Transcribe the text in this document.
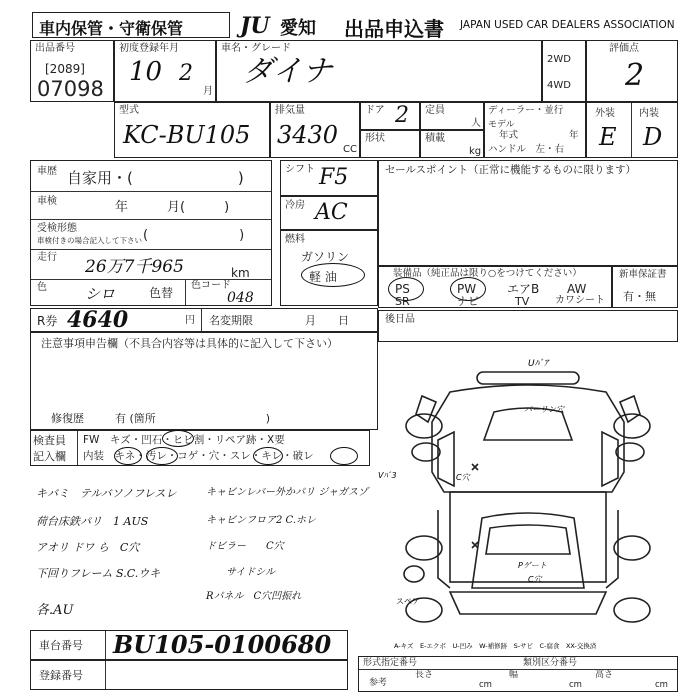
車内保管・守衛保管	JU 愛知 出品申込書 JAPAN USED CAR DEALERS ASSOCIATION
出品番号
[2089]
07098
初度登録年月
10 2
月
車名・グレード
ダイナ	2WD
4WD
評価点
2
型式
KC-BU105
排気量
3430
CC
ドア 2
形状
定員
人
積載
kg
ディーラー・並行
モデル
年式	年
ハンドル　左・右
外装 内装
E D
車歴 自家用・(　　　　　　　)
車検	年　　　月(　　　)
受検形態
車検付きの場合記入して下さい (　　　　　　　)
走行 26万7千965	km
色	シロ	色替
色コード
048
R券 4640	円 名変期限	月　　日
注意事項申告欄（不具合内容等は具体的に記入して下さい）
修復歴	有 (箇所　　　　　　　　　　)
検査員
記入欄
FW　キズ・凹石・ヒビ割・リペア跡・X要
内装　キネ・汚レ・コゲ・穴・スレ・キレ・破レ
キバミ　テルバソノフレスレ
荷台床鉄パリ　1 AUS
アオリ ドワ ら　C穴
下回りフレーム S.C.ウキ
キャビンレバー外かパリ ジャガスゾ
キャビンフロア2 C.ホレ
ドビラー　　C穴
サイドシル
Rパネル　C穴凹振れ
各.AU
車台番号 BU105-0100680
登録番号
シフト F5
冷房 AC
燃料
ガソリン
軽 油
セールスポイント（正常に機能するものに限ります）
装備品（純正品は限り○をつけてください）
PS
SR
PW
ナビ
エアB
TV
AW
カワシート
新車保証書
有・無
後日品
Uﾊﾞｱ
パーリン穴
Vﾊﾞ3	C穴
Pゲート
C穴
スペア
A-キズ　E-エクボ　U-凹み　W-補修跡　S-サビ　C-腐食　XX-交換済
形式指定番号	類別区分番号
参考
長さ
cm
幅
cm
高さ
cm
